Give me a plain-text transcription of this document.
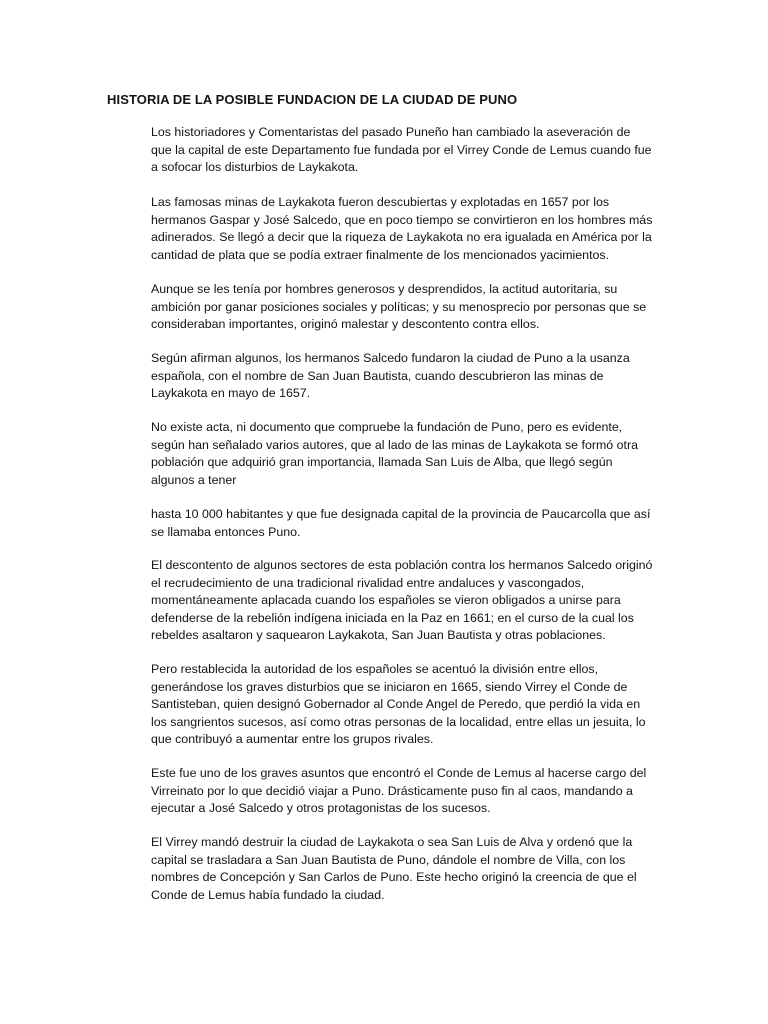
HISTORIA DE LA POSIBLE FUNDACION DE LA CIUDAD DE PUNO

Los historiadores y Comentaristas del pasado Puneño han cambiado la aseveración de
que la capital de este Departamento fue fundada por el Virrey Conde de Lemus cuando fue
a sofocar los disturbios de Laykakota.

Las famosas minas de Laykakota fueron descubiertas y explotadas en 1657 por los
hermanos Gaspar y José Salcedo, que en poco tiempo se convirtieron en los hombres más
adinerados. Se llegó a decir que la riqueza de Laykakota no era igualada en América por la
cantidad de plata que se podía extraer finalmente de los mencionados yacimientos.

Aunque se les tenía por hombres generosos y desprendidos, la actitud autoritaria, su
ambición por ganar posiciones sociales y políticas; y su menosprecio por personas que se
consideraban importantes, originó malestar y descontento contra ellos.

Según afirman algunos, los hermanos Salcedo fundaron la ciudad de Puno a la usanza
española, con el nombre de San Juan Bautista, cuando descubrieron las minas de
Laykakota en mayo de 1657.

No existe acta, ni documento que compruebe la fundación de Puno, pero es evidente,
según han señalado varios autores, que al lado de las minas de Laykakota se formó otra
población que adquirió gran importancia, llamada San Luis de Alba, que llegó según
algunos a tener

hasta 10 000 habitantes y que fue designada capital de la provincia de Paucarcolla que así
se llamaba entonces Puno.

El descontento de algunos sectores de esta población contra los hermanos Salcedo originó
el recrudecimiento de una tradicional rivalidad entre andaluces y vascongados,
momentáneamente aplacada cuando los españoles se vieron obligados a unirse para
defenderse de la rebelión indígena iniciada en la Paz en 1661; en el curso de la cual los
rebeldes asaltaron y saquearon Laykakota, San Juan Bautista y otras poblaciones.

Pero restablecida la autoridad de los españoles se acentuó la división entre ellos,
generándose los graves disturbios que se iniciaron en 1665, siendo Virrey el Conde de
Santisteban, quien designó Gobernador al Conde Angel de Peredo, que perdió la vida en
los sangrientos sucesos, así como otras personas de la localidad, entre ellas un jesuita, lo
que contribuyó a aumentar entre los grupos rivales.

Este fue uno de los graves asuntos que encontró el Conde de Lemus al hacerse cargo del
Virreinato por lo que decidió viajar a Puno. Drásticamente puso fin al caos, mandando a
ejecutar a José Salcedo y otros protagonistas de los sucesos.

El Virrey mandó destruir la ciudad de Laykakota o sea San Luis de Alva y ordenó que la
capital se trasladara a San Juan Bautista de Puno, dándole el nombre de Villa, con los
nombres de Concepción y San Carlos de Puno. Este hecho originó la creencia de que el
Conde de Lemus había fundado la ciudad.
